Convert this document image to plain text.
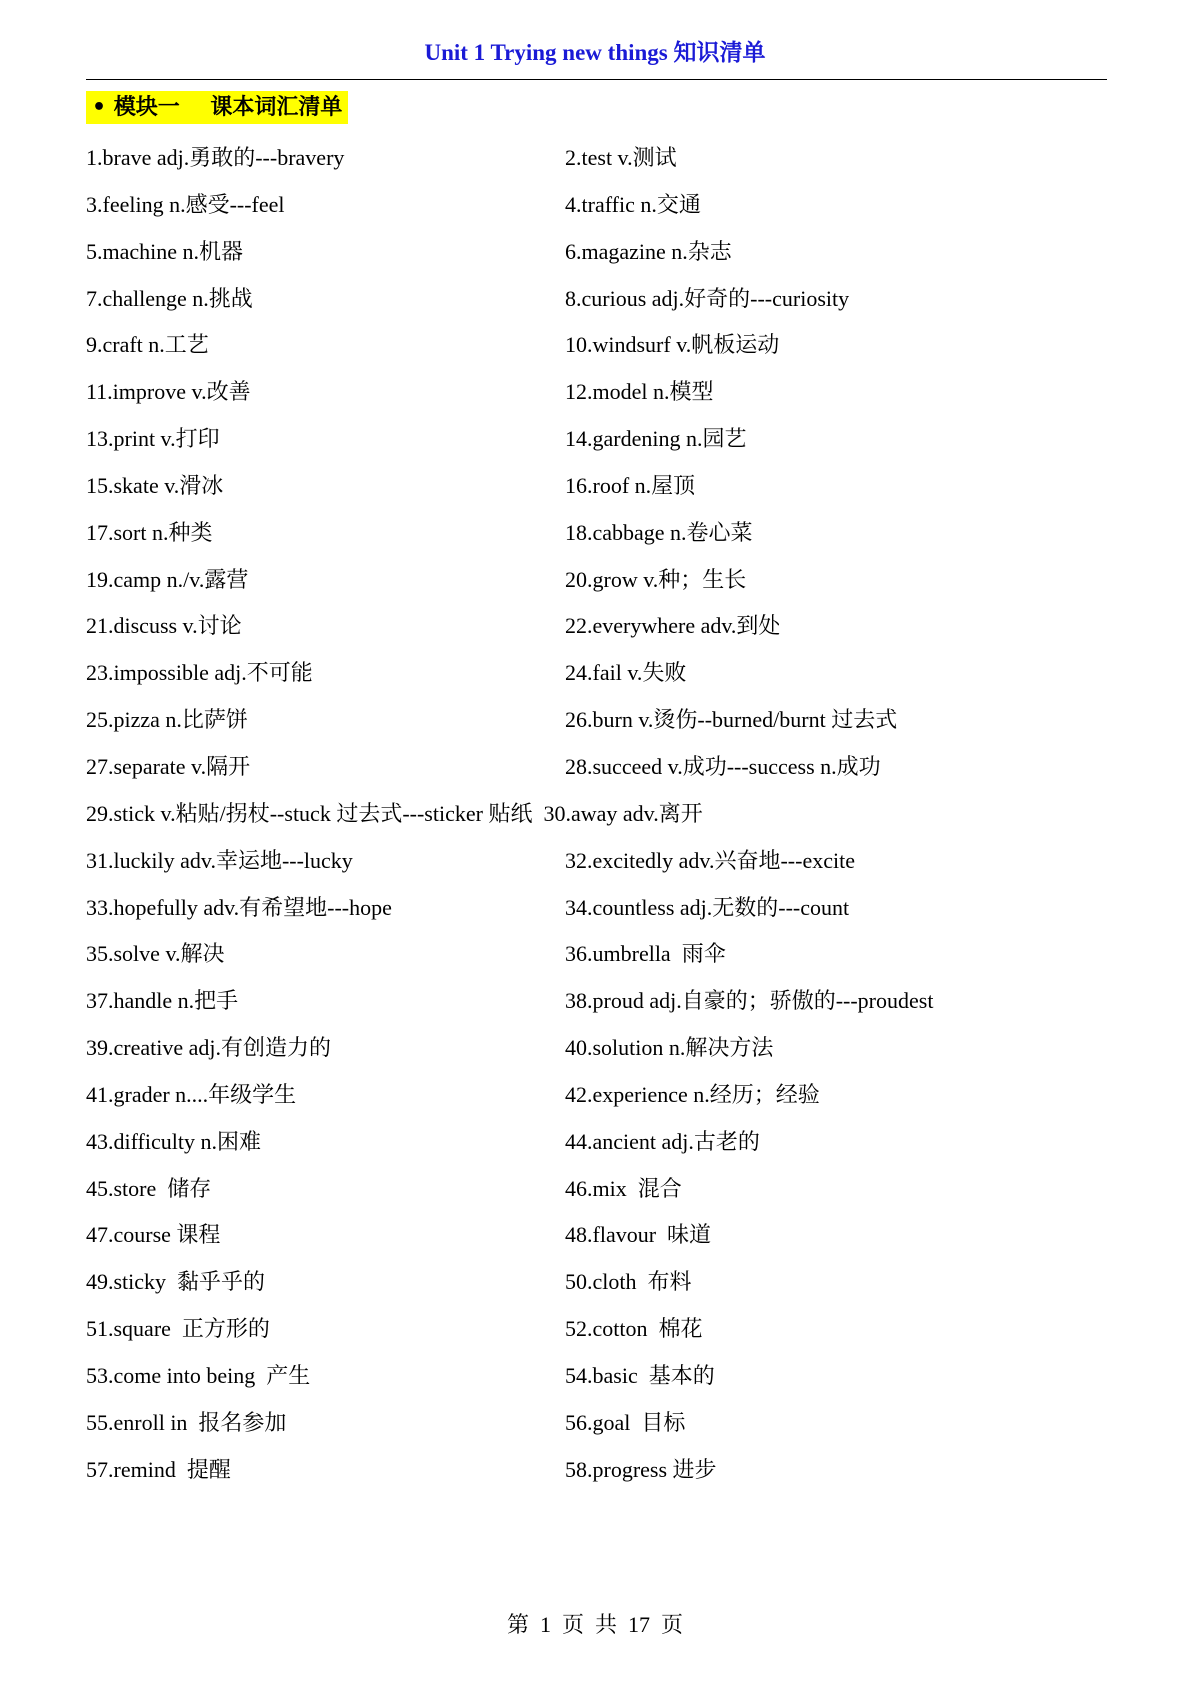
Unit 1 Trying new things 知识清单
• 模块一    课本词汇清单
1.brave adj.勇敢的---bravery	2.test v.测试
3.feeling n.感受---feel	4.traffic n.交通
5.machine n.机器	6.magazine n.杂志
7.challenge n.挑战	8.curious adj.好奇的---curiosity
9.craft n.工艺	10.windsurf v.帆板运动
11.improve v.改善	12.model n.模型
13.print v.打印	14.gardening n.园艺
15.skate v.滑冰	16.roof n.屋顶
17.sort n.种类	18.cabbage n.卷心菜
19.camp n./v.露营	20.grow v.种；生长
21.discuss v.讨论	22.everywhere adv.到处
23.impossible adj.不可能	24.fail v.失败
25.pizza n.比萨饼	26.burn v.烫伤--burned/burnt 过去式
27.separate v.隔开	28.succeed v.成功---success n.成功
29.stick v.粘贴/拐杖--stuck 过去式---sticker 贴纸 30.away adv.离开
31.luckily adv.幸运地---lucky	32.excitedly adv.兴奋地---excite
33.hopefully adv.有希望地---hope	34.countless adj.无数的---count
35.solve v.解决	36.umbrella  雨伞
37.handle n.把手	38.proud adj.自豪的；骄傲的---proudest
39.creative adj.有创造力的	40.solution n.解决方法
41.grader n....年级学生	42.experience n.经历；经验
43.difficulty n.困难	44.ancient adj.古老的
45.store  储存	46.mix  混合
47.course 课程	48.flavour  味道
49.sticky  黏乎乎的	50.cloth  布料
51.square  正方形的	52.cotton  棉花
53.come into being  产生	54.basic  基本的
55.enroll in  报名参加	56.goal  目标
57.remind  提醒	58.progress 进步
第  1  页  共  17  页
